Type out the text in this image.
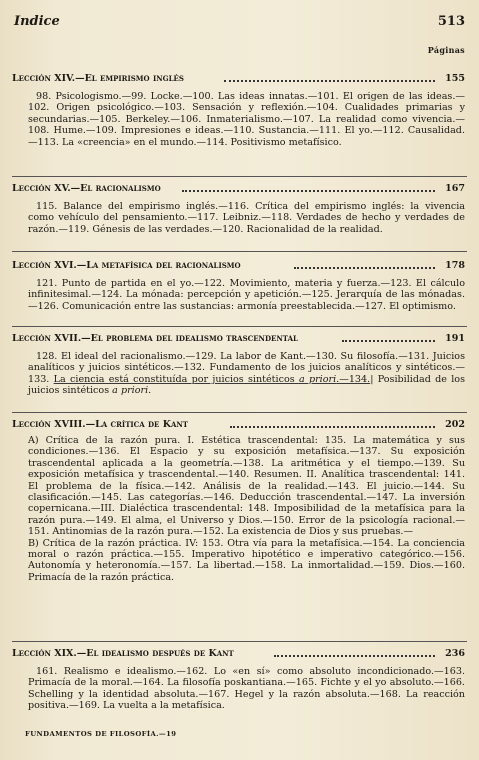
Indice	513
Páginas
Lección XIV.—El empirismo inglés	155
98. Psicologismo.—99. Locke.—100. Las ideas innatas.—101. El origen de las ideas.—102. Origen psicológico.—103. Sensación y reflexión.—104. Cualidades primarias y secundarias.—105. Berkeley.—106. Inmaterialismo.—107. La realidad como vivencia.—108. Hume.—109. Impresiones e ideas.—110. Sustancia.—111. El yo.—112. Causalidad.—113. La «creencia» en el mundo.—114. Positivismo metafísico.
Lección XV.—El racionalismo	167
115. Balance del empirismo inglés.—116. Crítica del empirismo inglés: la vivencia como vehículo del pensamiento.—117. Leibniz.—118. Verdades de hecho y verdades de razón.—119. Génesis de las verdades.—120. Racionalidad de la realidad.
Lección XVI.—La metafísica del racionalismo	178
121. Punto de partida en el yo.—122. Movimiento, materia y fuerza.—123. El cálculo infinitesimal.—124. La mónada: percepción y apetición.—125. Jerarquía de las mónadas.—126. Comunicación entre las sustancias: armonía preestablecida.—127. El optimismo.
Lección XVII.—El problema del idealismo trascendental	191
128. El ideal del racionalismo.—129. La labor de Kant.—130. Su filosofía.—131. Juicios analíticos y juicios sintéticos.—132. Fundamento de los juicios analíticos y sintéticos.—133. La ciencia está constituída por juicios sintéticos a priori.—134.| Posibilidad de los juicios sintéticos a priori.
Lección XVIII.—La crítica de Kant	202
A) Crítica de la razón pura. I. Estética trascendental: 135. La matemática y sus condiciones.—136. El Espacio y su exposición metafísica.—137. Su exposición trascendental aplicada a la geometría.—138. La aritmética y el tiempo.—139. Su exposición metafísica y trascendental.—140. Resumen. II. Analítica trascendental: 141. El problema de la física.—142. Análisis de la realidad.—143. El juicio.—144. Su clasificación.—145. Las categorías.—146. Deducción trascendental.—147. La inversión copernicana.—III. Dialéctica trascendental: 148. Imposibilidad de la metafísica para la razón pura.—149. El alma, el Universo y Dios.—150. Error de la psicología racional.—151. Antinomias de la razón pura.—152. La existencia de Dios y sus pruebas.—
B) Crítica de la razón práctica. IV: 153. Otra vía para la metafísica.—154. La conciencia moral o razón práctica.—155. Imperativo hipotético e imperativo categórico.—156. Autonomía y heteronomía.—157. La libertad.—158. La inmortalidad.—159. Dios.—160. Primacía de la razón práctica.
Lección XIX.—El idealismo después de Kant	236
161. Realismo e idealismo.—162. Lo «en sí» como absoluto incondicionado.—163. Primacía de la moral.—164. La filosofía poskantiana.—165. Fichte y el yo absoluto.—166. Schelling y la identidad absoluta.—167. Hegel y la razón absoluta.—168. La reacción positiva.—169. La vuelta a la metafísica.
FUNDAMENTOS DE FILOSOFÍA.—19
